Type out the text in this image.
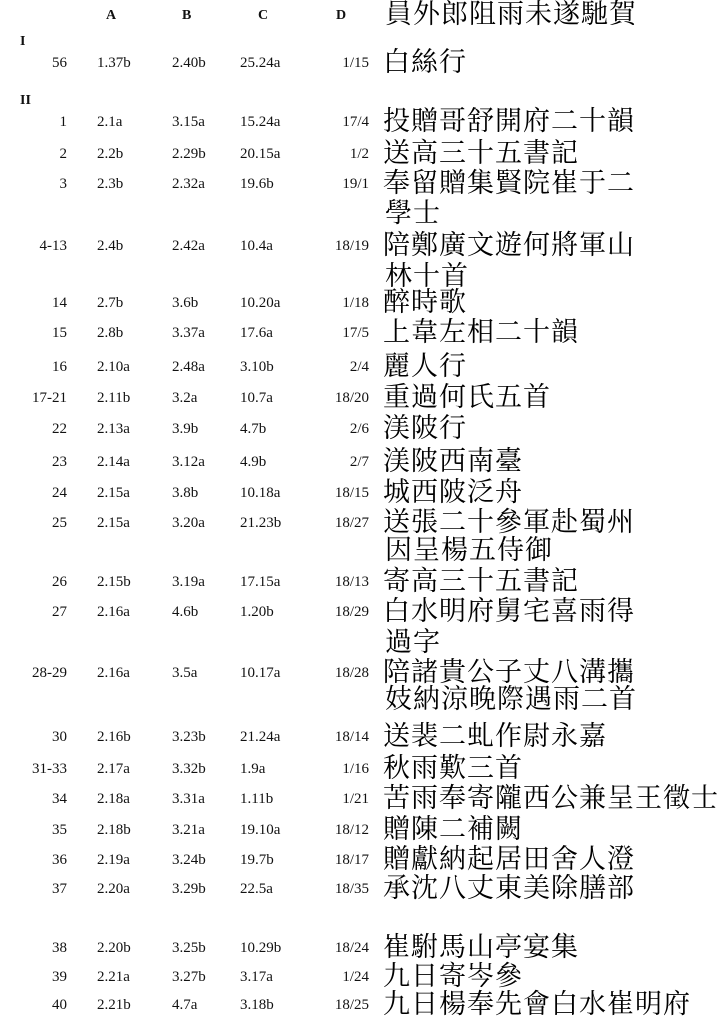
A	B	C	D
I
II
56 1.37b	2.40b 25.24a	1/15 白絲行
1 2.1a	3.15a 15.24a	17/4 投贈哥舒開府二十韻
2 2.2b	2.29b 20.15a	1/2 送高三十五書記
3 2.3b	2.32a 19.6b	19/1 奉留贈集賢院崔于二
學士
4-13 2.4b	2.42a 10.4a	18/19 陪鄭廣文遊何將軍山
林十首
14 2.7b	3.6b	10.20a	1/18 醉時歌
15 2.8b	3.37a 17.6a	17/5 上韋左相二十韻
16 2.10a	2.48a 3.10b	2/4 麗人行
17-21 2.11b	3.2a	10.7a	18/20 重過何氏五首
22 2.13a	3.9b	4.7b	2/6 渼陂行
23 2.14a	3.12a 4.9b	2/7 渼陂西南臺
24 2.15a	3.8b	10.18a	18/15 城西陂泛舟
25 2.15a	3.20a 21.23b	18/27 送張二十參軍赴蜀州
因呈楊五侍御
26 2.15b	3.19a 17.15a	18/13 寄高三十五書記
27 2.16a	4.6b	1.20b	18/29 白水明府舅宅喜雨得
過字
28-29 2.16a	3.5a	10.17a	18/28 陪諸貴公子丈八溝攜
妓納涼晚際遇雨二首
30 2.16b	3.23b 21.24a	18/14 送裴二虬作尉永嘉
31-33 2.17a	3.32b 1.9a	1/16 秋雨歎三首
34 2.18a	3.31a 1.11b	1/21 苦雨奉寄隴西公兼呈王徵士
35 2.18b	3.21a 19.10a	18/12 贈陳二補闕
36 2.19a	3.24b 19.7b	18/17 贈獻納起居田舍人澄
37 2.20a	3.29b 22.5a	18/35 承沈八丈東美除膳部
員外郎阻雨未遂馳賀
38 2.20b	3.25b 10.29b	18/24 崔駙馬山亭宴集
39 2.21a	3.27b 3.17a	1/24 九日寄岑參
40 2.21b	4.7a	3.18b	18/25 九日楊奉先會白水崔明府
